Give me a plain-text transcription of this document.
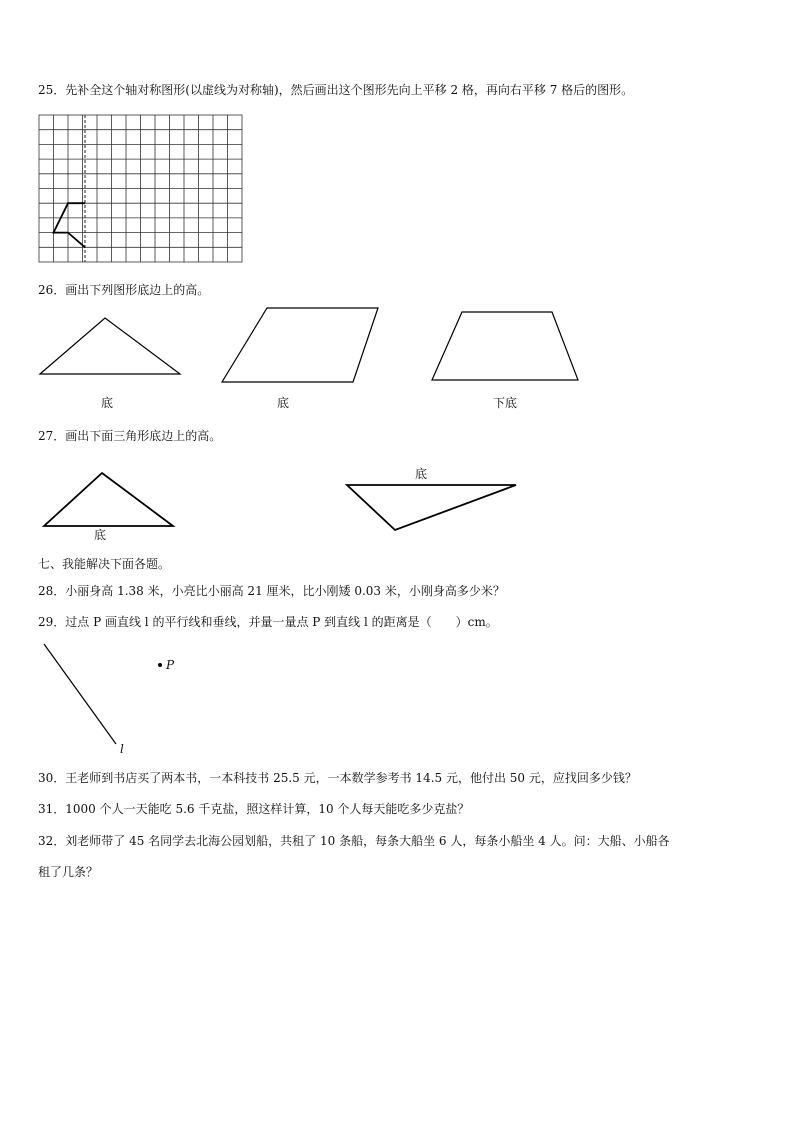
25．先补全这个轴对称图形(以虚线为对称轴)，然后画出这个图形先向上平移 2 格，再向右平移 7 格后的图形。
26．画出下列图形底边上的高。
底	底	下底
27．画出下面三角形底边上的高。
底
底
七、我能解决下面各题。
28．小丽身高 1.38 米，小亮比小丽高 21 厘米，比小刚矮 0.03 米，小刚身高多少米？
29．过点 P 画直线 l 的平行线和垂线，并量一量点 P 到直线 l 的距离是（　　）cm。
l
P
30．王老师到书店买了两本书，一本科技书 25.5 元，一本数学参考书 14.5 元，他付出 50 元，应找回多少钱？
31．1000 个人一天能吃 5.6 千克盐，照这样计算，10 个人每天能吃多少克盐？
32．刘老师带了 45 名同学去北海公园划船，共租了 10 条船，每条大船坐 6 人，每条小船坐 4 人。问：大船、小船各
租了几条？
